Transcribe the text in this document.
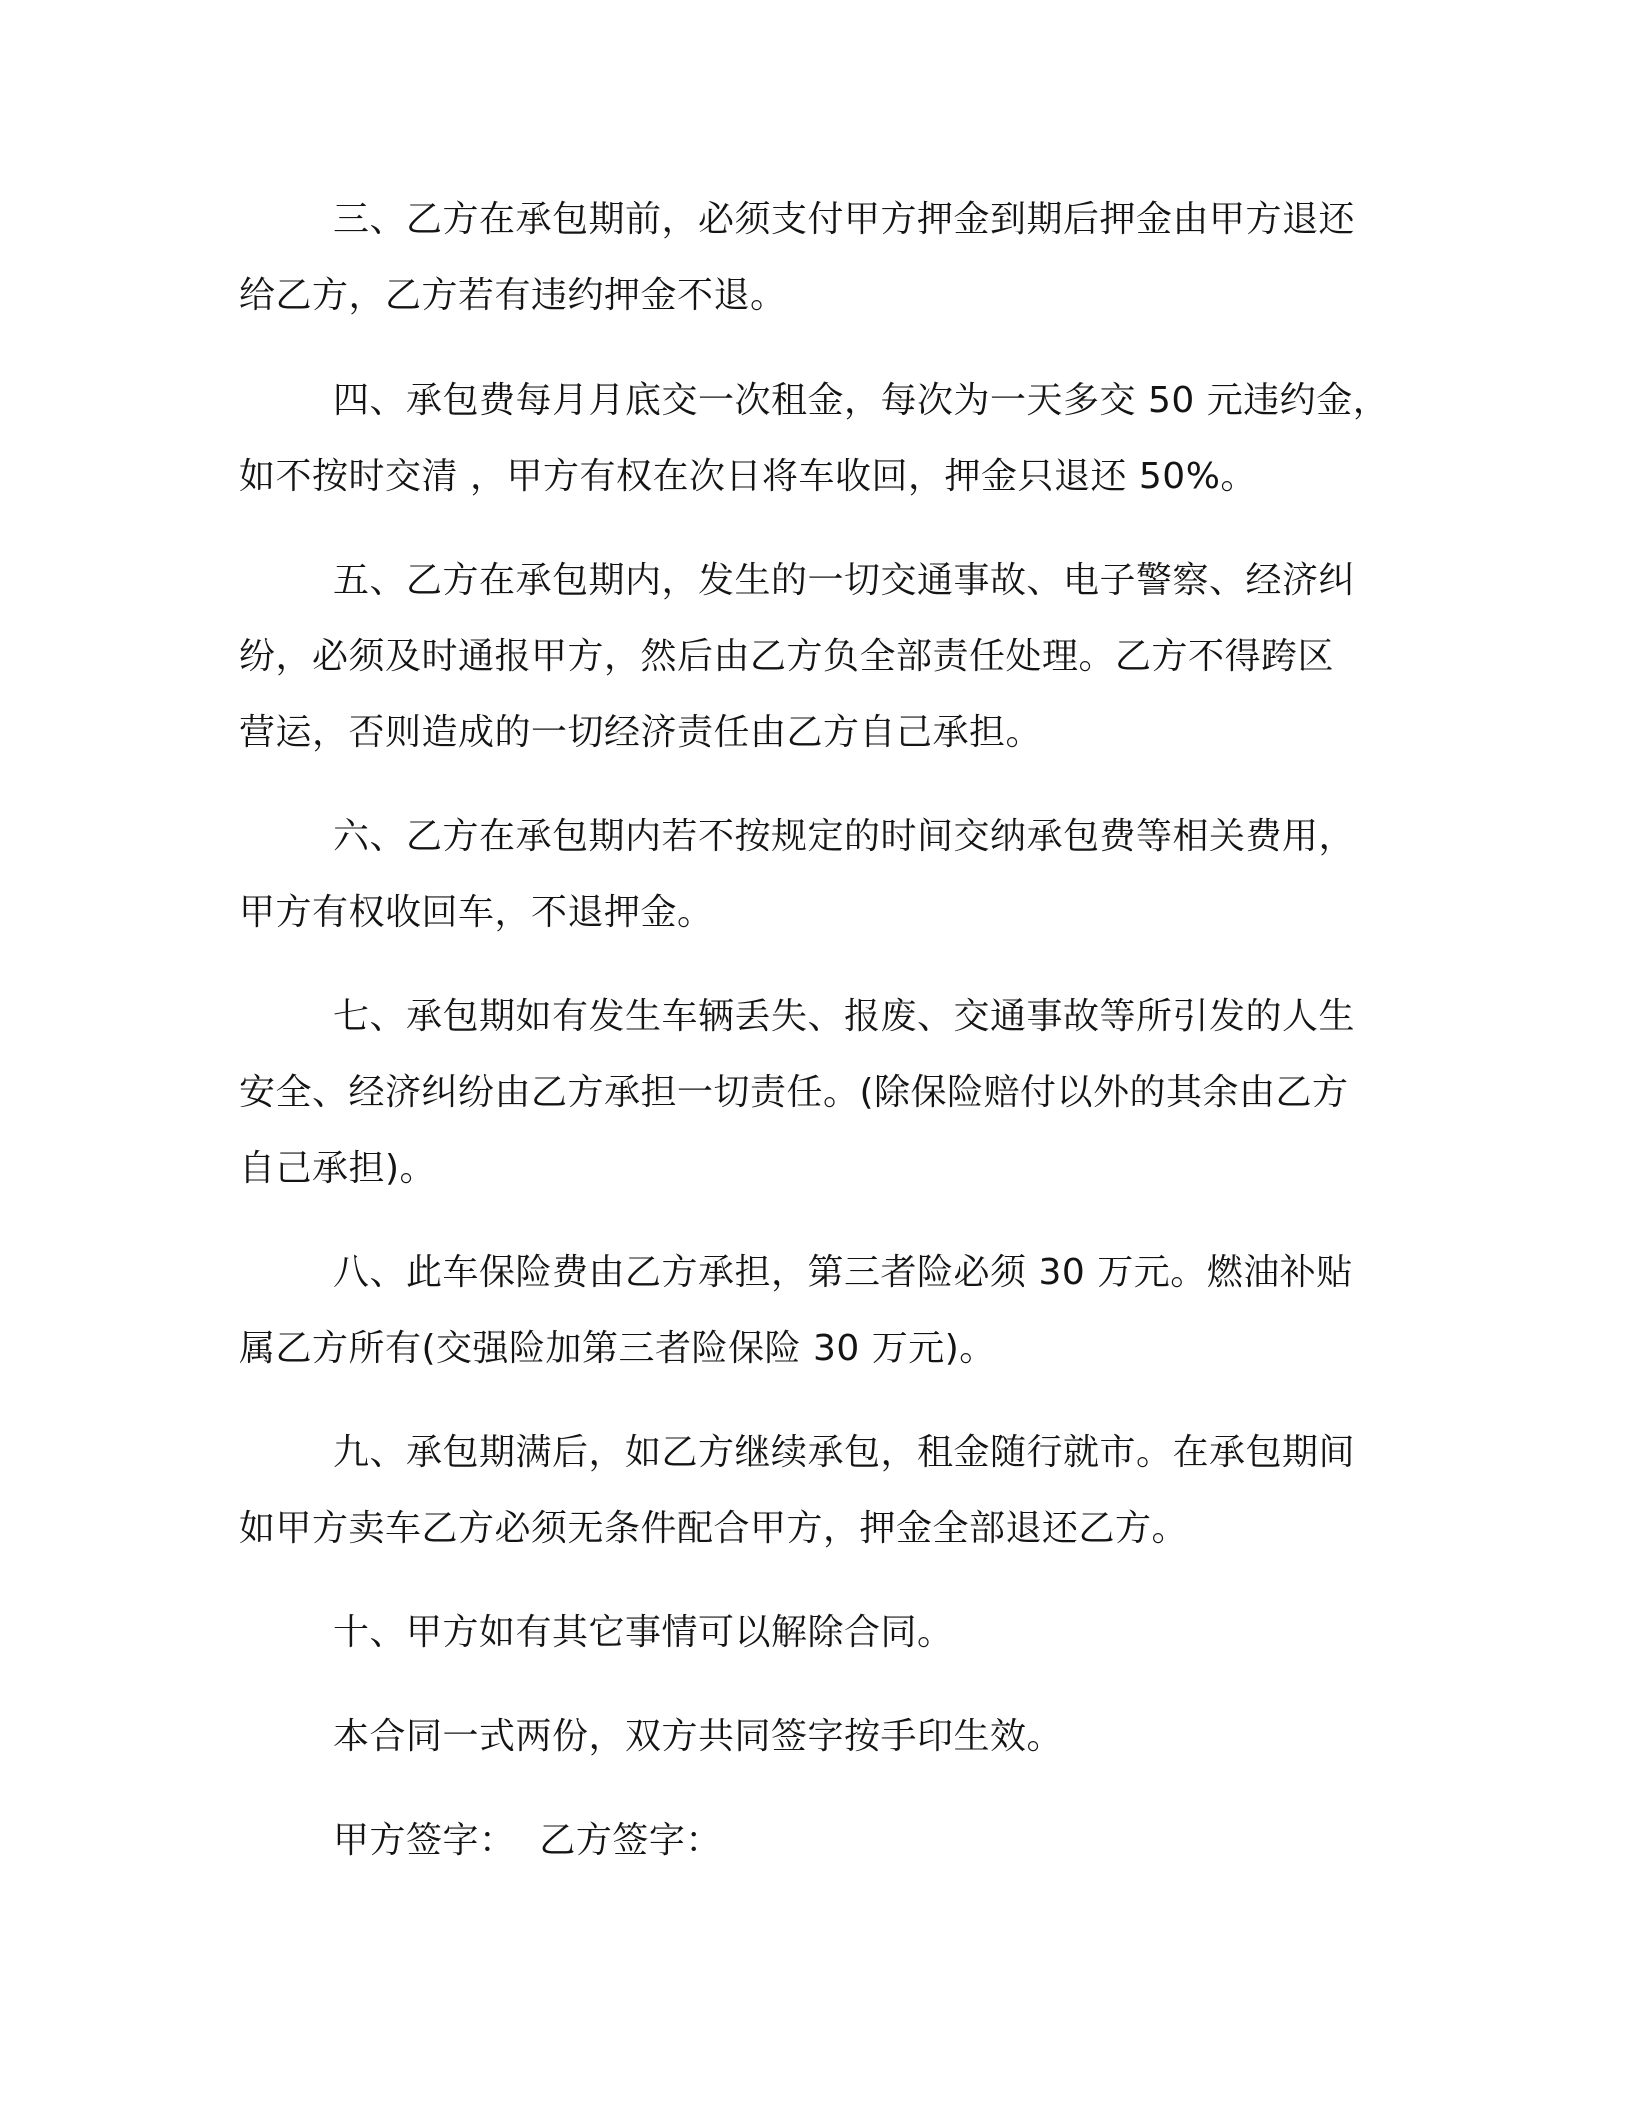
三、乙方在承包期前，必须支付甲方押金到期后押金由甲方退还
给乙方，乙方若有违约押金不退。
四、承包费每月月底交一次租金，每次为一天多交 50 元违约金，
如不按时交清 ，甲方有权在次日将车收回，押金只退还 50%。
五、乙方在承包期内，发生的一切交通事故、电子警察、经济纠
纷，必须及时通报甲方，然后由乙方负全部责任处理。乙方不得跨区
营运，否则造成的一切经济责任由乙方自己承担。
六、乙方在承包期内若不按规定的时间交纳承包费等相关费用，
甲方有权收回车，不退押金。
七、承包期如有发生车辆丢失、报废、交通事故等所引发的人生
安全、经济纠纷由乙方承担一切责任。(除保险赔付以外的其余由乙方
自己承担)。
八、此车保险费由乙方承担，第三者险必须 30 万元。燃油补贴
属乙方所有(交强险加第三者险保险 30 万元)。
九、承包期满后，如乙方继续承包，租金随行就市。在承包期间
如甲方卖车乙方必须无条件配合甲方，押金全部退还乙方。
十、甲方如有其它事情可以解除合同。
本合同一式两份，双方共同签字按手印生效。
甲方签字：  乙方签字：
